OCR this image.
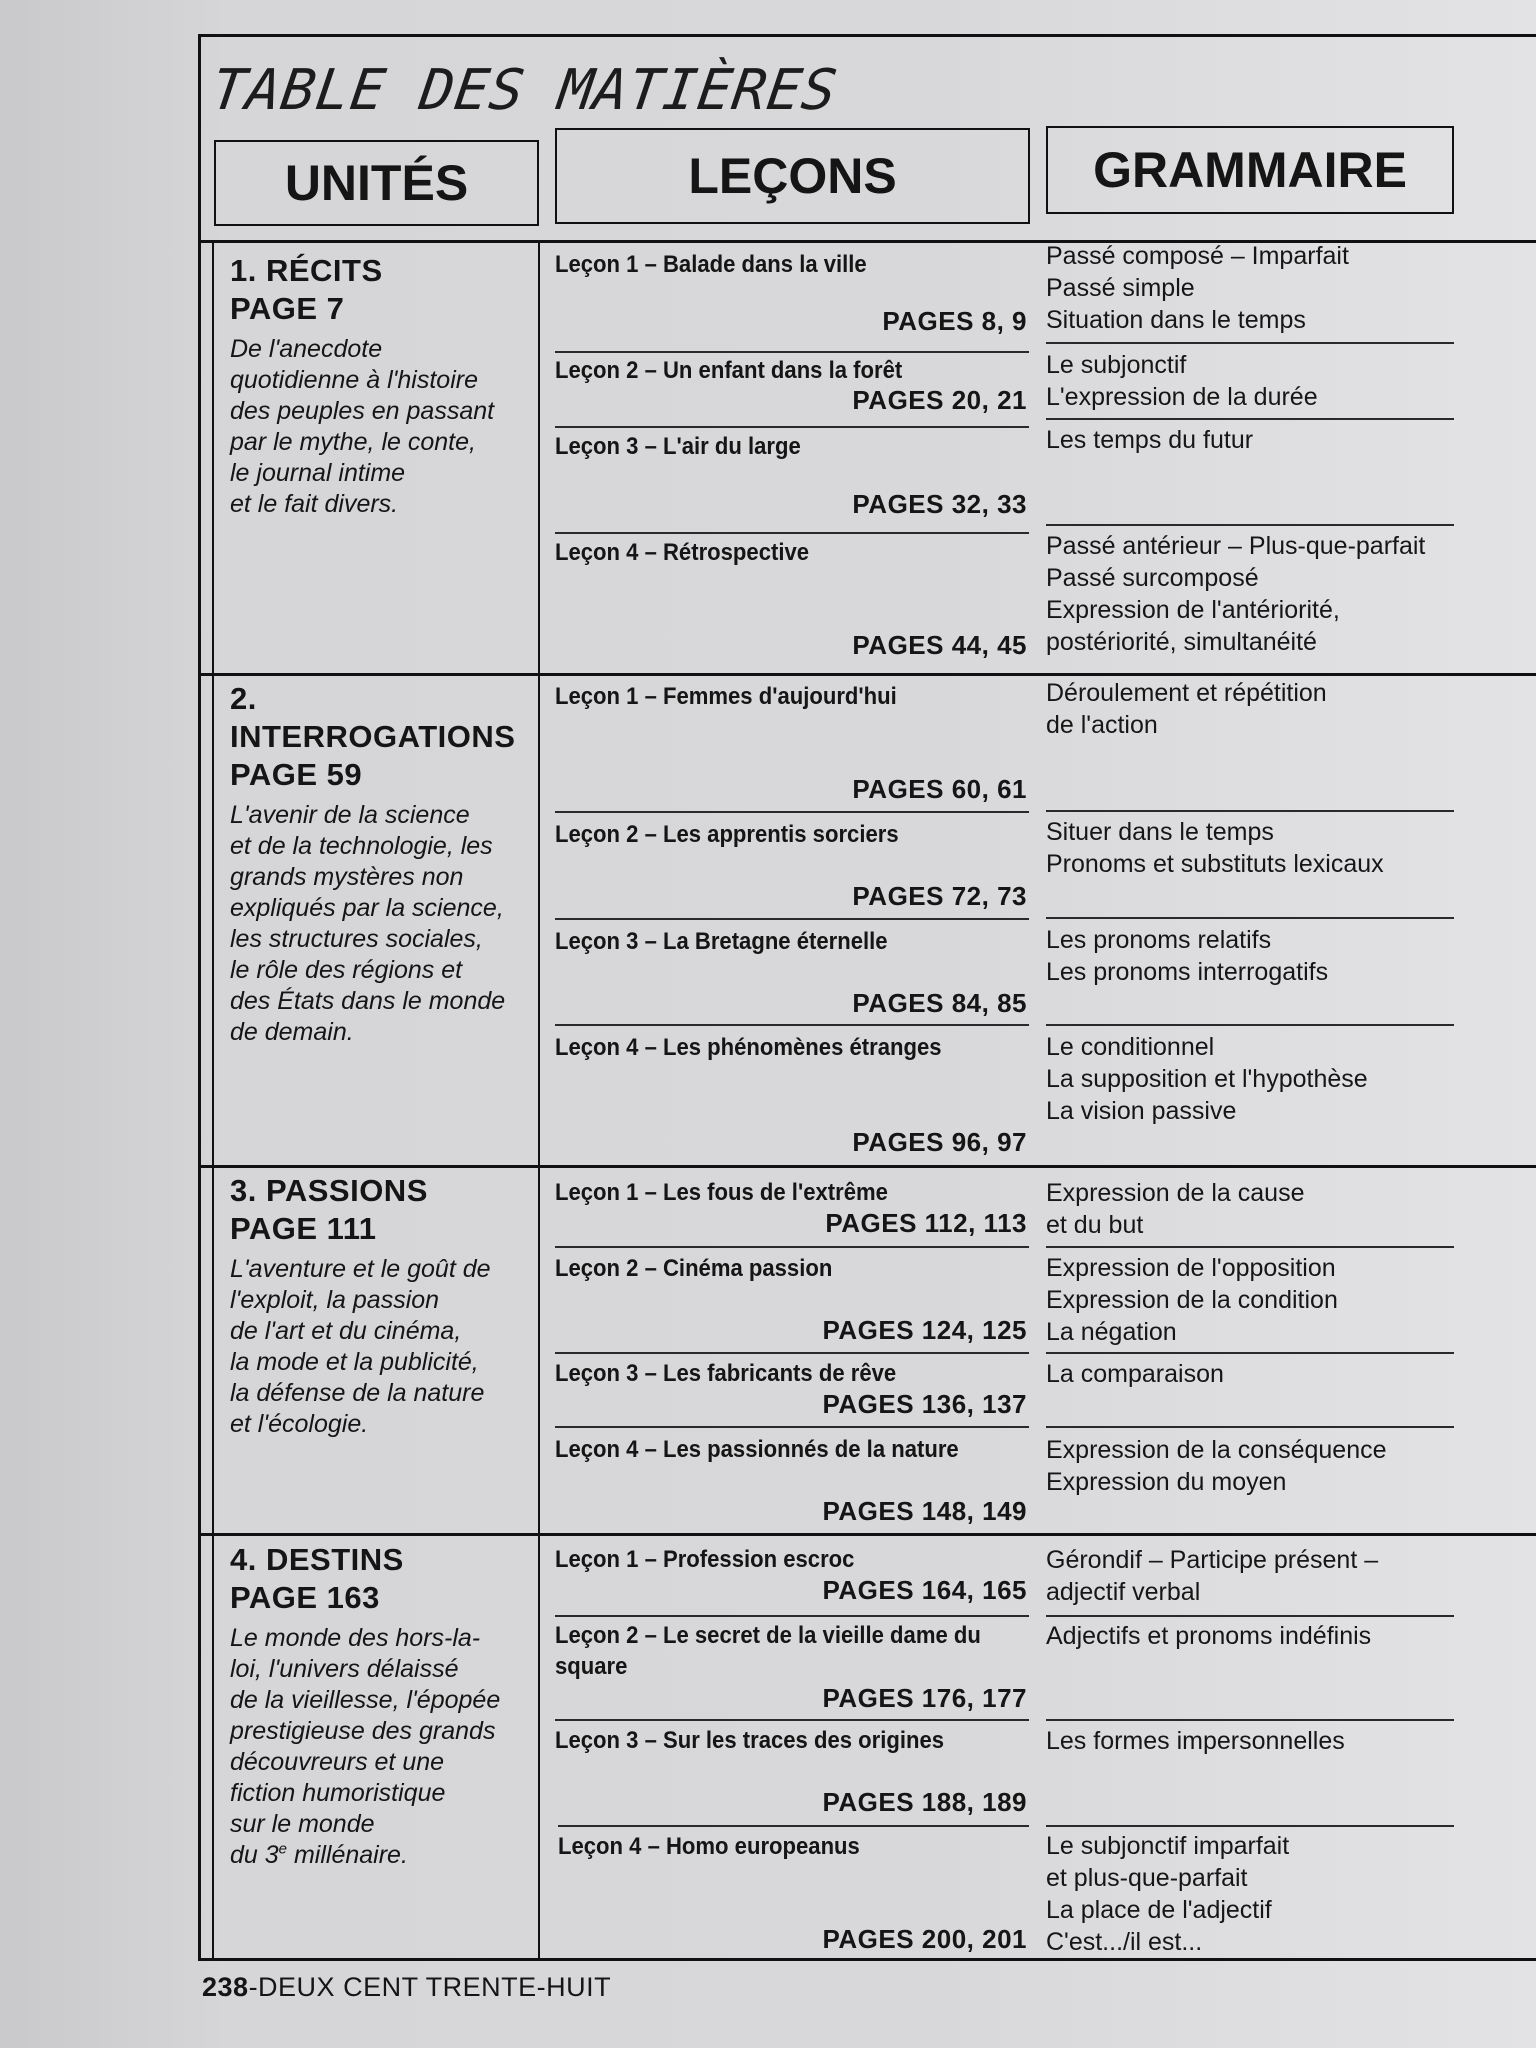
TABLE DES MATIÈRES
UNITÉS	LEÇONS	GRAMMAIRE
1. RÉCITS
PAGE 7
De l'anecdote
quotidienne à l'histoire
des peuples en passant
par le mythe, le conte,
le journal intime
et le fait divers.
Leçon 1 – Balade dans la ville
PAGES 8, 9
Passé composé – Imparfait
Passé simple
Situation dans le temps
Leçon 2 – Un enfant dans la forêt
PAGES 20, 21
Le subjonctif
L'expression de la durée
Leçon 3 – L'air du large
PAGES 32, 33
Les temps du futur
Leçon 4 – Rétrospective
PAGES 44, 45
Passé antérieur – Plus-que-parfait
Passé surcomposé
Expression de l'antériorité,
postériorité, simultanéité
2. INTERROGATIONS
PAGE 59
L'avenir de la science
et de la technologie, les
grands mystères non
expliqués par la science,
les structures sociales,
le rôle des régions et
des États dans le monde
de demain.
Leçon 1 – Femmes d'aujourd'hui
PAGES 60, 61
Déroulement et répétition
de l'action
Leçon 2 – Les apprentis sorciers
PAGES 72, 73
Situer dans le temps
Pronoms et substituts lexicaux
Leçon 3 – La Bretagne éternelle
PAGES 84, 85
Les pronoms relatifs
Les pronoms interrogatifs
Leçon 4 – Les phénomènes étranges
PAGES 96, 97
Le conditionnel
La supposition et l'hypothèse
La vision passive
3. PASSIONS
PAGE 111
L'aventure et le goût de
l'exploit, la passion
de l'art et du cinéma,
la mode et la publicité,
la défense de la nature
et l'écologie.
Leçon 1 – Les fous de l'extrême
PAGES 112, 113
Expression de la cause
et du but
Leçon 2 – Cinéma passion
PAGES 124, 125
Expression de l'opposition
Expression de la condition
La négation
Leçon 3 – Les fabricants de rêve
PAGES 136, 137
La comparaison
Leçon 4 – Les passionnés de la nature
PAGES 148, 149
Expression de la conséquence
Expression du moyen
4. DESTINS
PAGE 163
Le monde des hors-la-
loi, l'univers délaissé
de la vieillesse, l'épopée
prestigieuse des grands
découvreurs et une
fiction humoristique
sur le monde
du 3e millénaire.
Leçon 1 – Profession escroc
PAGES 164, 165
Gérondif – Participe présent –
adjectif verbal
Leçon 2 – Le secret de la vieille dame du square
PAGES 176, 177
Adjectifs et pronoms indéfinis
Leçon 3 – Sur les traces des origines
PAGES 188, 189
Les formes impersonnelles
Leçon 4 – Homo europeanus
PAGES 200, 201
Le subjonctif imparfait
et plus-que-parfait
La place de l'adjectif
C'est.../il est...
238-DEUX CENT TRENTE-HUIT
